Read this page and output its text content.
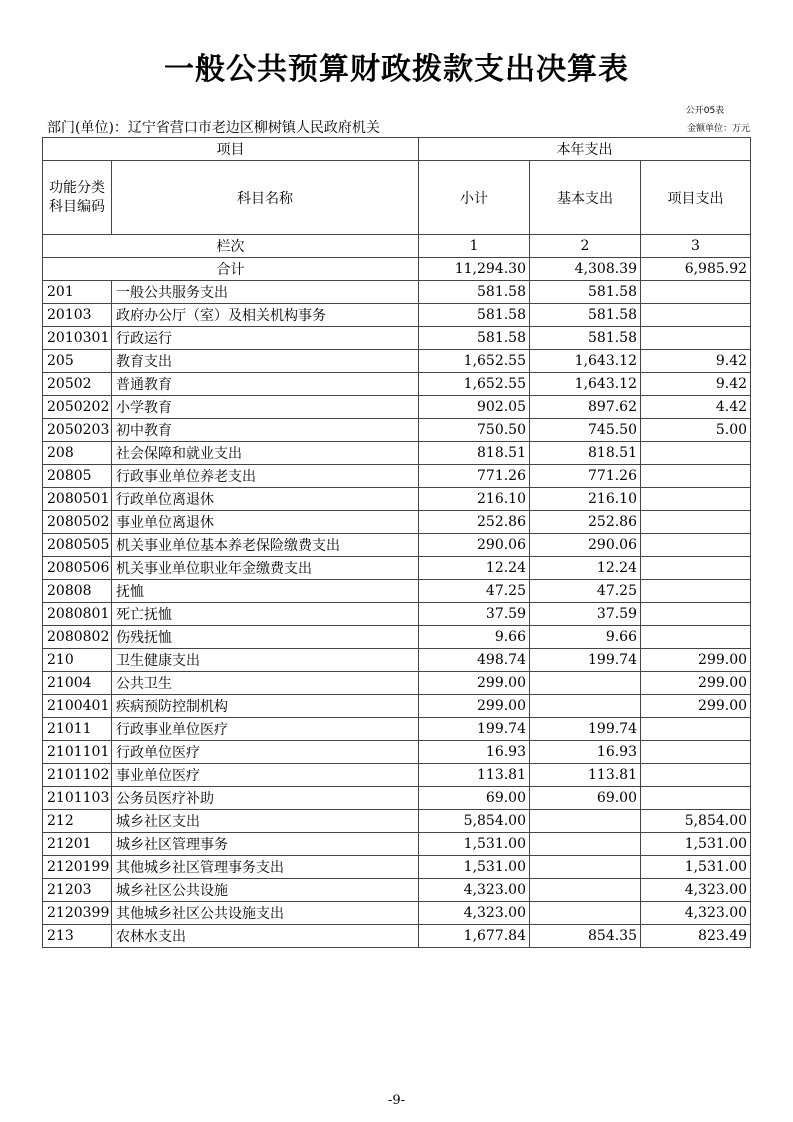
一般公共预算财政拨款支出决算表
公开05表
部门(单位)：辽宁省营口市老边区柳树镇人民政府机关	金额单位：万元
项目		本年支出		
功能分类科目编码	科目名称	小计	基本支出	项目支出
栏次		1	2	3
合计		11,294.30	4,308.39	6,985.92
201	一般公共服务支出	581.58	581.58	
20103	政府办公厅（室）及相关机构事务	581.58	581.58	
2010301	行政运行	581.58	581.58	
205	教育支出	1,652.55	1,643.12	9.42
20502	普通教育	1,652.55	1,643.12	9.42
2050202	小学教育	902.05	897.62	4.42
2050203	初中教育	750.50	745.50	5.00
208	社会保障和就业支出	818.51	818.51	
20805	行政事业单位养老支出	771.26	771.26	
2080501	行政单位离退休	216.10	216.10	
2080502	事业单位离退休	252.86	252.86	
2080505	机关事业单位基本养老保险缴费支出	290.06	290.06	
2080506	机关事业单位职业年金缴费支出	12.24	12.24	
20808	抚恤	47.25	47.25	
2080801	死亡抚恤	37.59	37.59	
2080802	伤残抚恤	9.66	9.66	
210	卫生健康支出	498.74	199.74	299.00
21004	公共卫生	299.00		299.00
2100401	疾病预防控制机构	299.00		299.00
21011	行政事业单位医疗	199.74	199.74	
2101101	行政单位医疗	16.93	16.93	
2101102	事业单位医疗	113.81	113.81	
2101103	公务员医疗补助	69.00	69.00	
212	城乡社区支出	5,854.00		5,854.00
21201	城乡社区管理事务	1,531.00		1,531.00
2120199	其他城乡社区管理事务支出	1,531.00		1,531.00
21203	城乡社区公共设施	4,323.00		4,323.00
2120399	其他城乡社区公共设施支出	4,323.00		4,323.00
213	农林水支出	1,677.84	854.35	823.49
-9-
